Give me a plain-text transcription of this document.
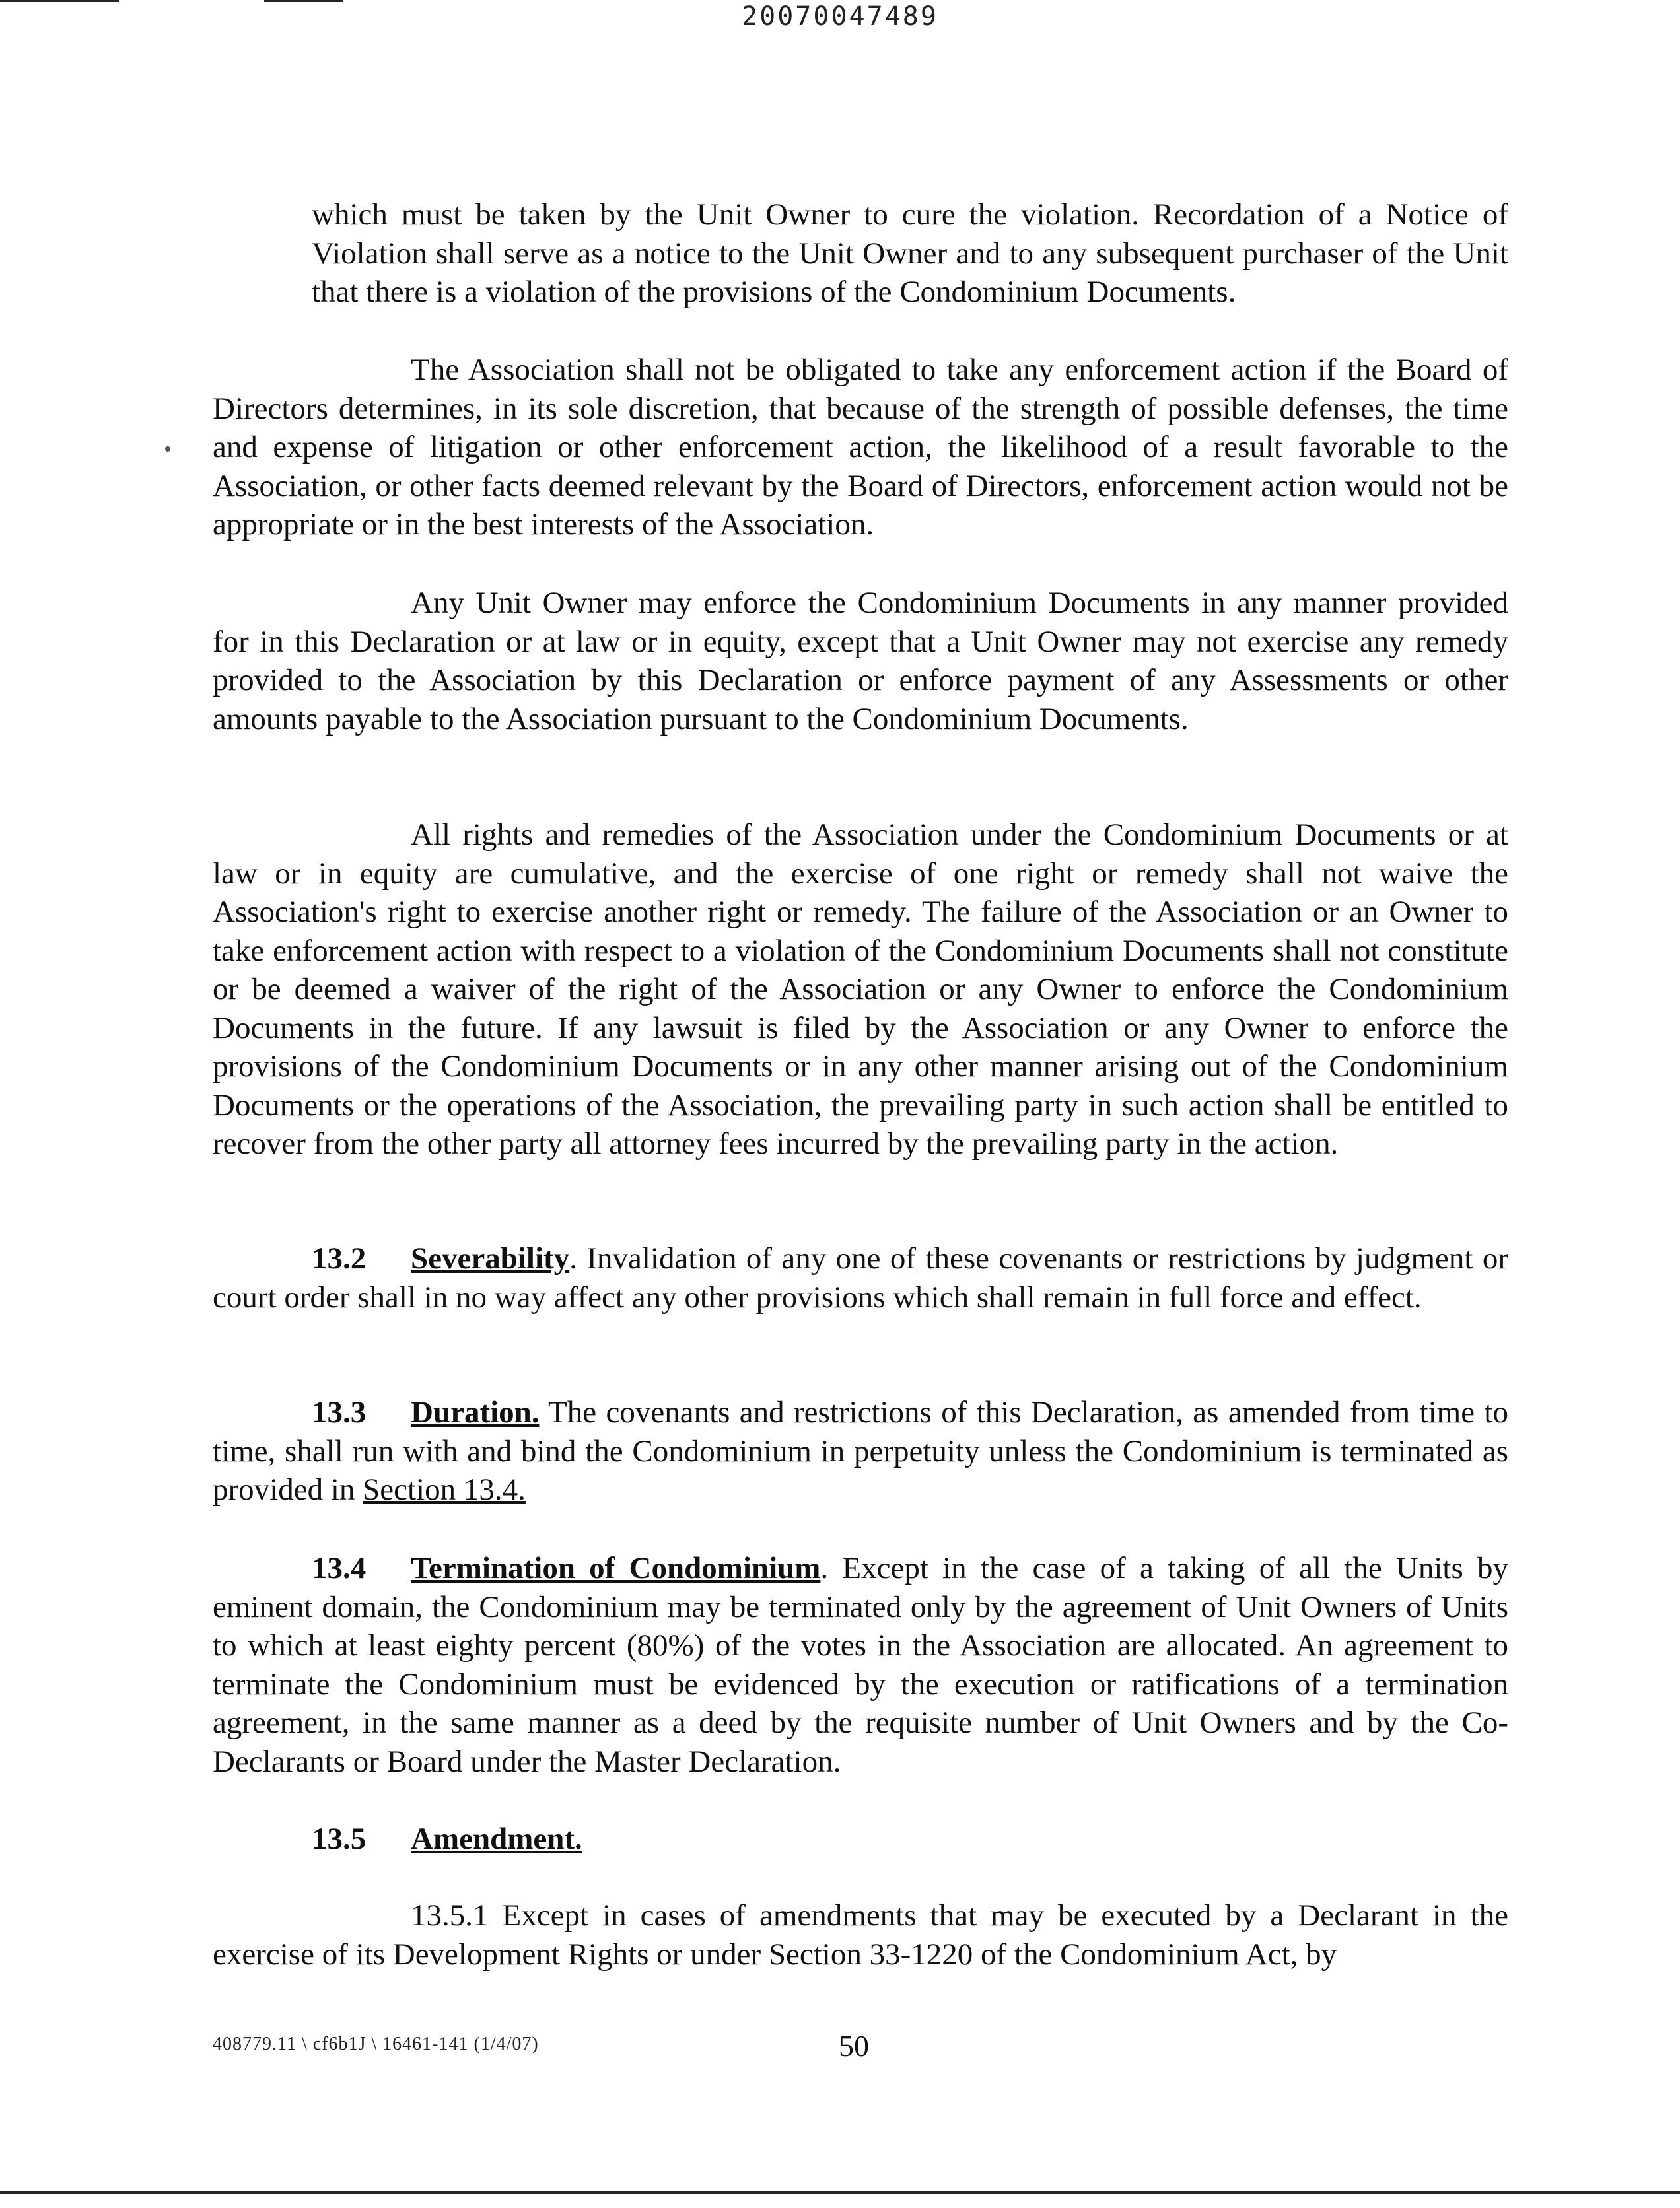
20070047489

which must be taken by the Unit Owner to cure the violation. Recordation of a Notice of Violation shall serve as a notice to the Unit Owner and to any subsequent purchaser of the Unit that there is a violation of the provisions of the Condominium Documents.

The Association shall not be obligated to take any enforcement action if the Board of Directors determines, in its sole discretion, that because of the strength of possible defenses, the time and expense of litigation or other enforcement action, the likelihood of a result favorable to the Association, or other facts deemed relevant by the Board of Directors, enforcement action would not be appropriate or in the best interests of the Association.

Any Unit Owner may enforce the Condominium Documents in any manner provided for in this Declaration or at law or in equity, except that a Unit Owner may not exercise any remedy provided to the Association by this Declaration or enforce payment of any Assessments or other amounts payable to the Association pursuant to the Condominium Documents.

All rights and remedies of the Association under the Condominium Documents or at law or in equity are cumulative, and the exercise of one right or remedy shall not waive the Association's right to exercise another right or remedy. The failure of the Association or an Owner to take enforcement action with respect to a violation of the Condominium Documents shall not constitute or be deemed a waiver of the right of the Association or any Owner to enforce the Condominium Documents in the future. If any lawsuit is filed by the Association or any Owner to enforce the provisions of the Condominium Documents or in any other manner arising out of the Condominium Documents or the operations of the Association, the prevailing party in such action shall be entitled to recover from the other party all attorney fees incurred by the prevailing party in the action.

13.2 Severability. Invalidation of any one of these covenants or restrictions by judgment or court order shall in no way affect any other provisions which shall remain in full force and effect.

13.3 Duration. The covenants and restrictions of this Declaration, as amended from time to time, shall run with and bind the Condominium in perpetuity unless the Condominium is terminated as provided in Section 13.4.

13.4 Termination of Condominium. Except in the case of a taking of all the Units by eminent domain, the Condominium may be terminated only by the agreement of Unit Owners of Units to which at least eighty percent (80%) of the votes in the Association are allocated. An agreement to terminate the Condominium must be evidenced by the execution or ratifications of a termination agreement, in the same manner as a deed by the requisite number of Unit Owners and by the Co-Declarants or Board under the Master Declaration.

13.5 Amendment.

13.5.1 Except in cases of amendments that may be executed by a Declarant in the exercise of its Development Rights or under Section 33-1220 of the Condominium Act, by

408779.11 \ cf6b1J \ 16461-141 (1/4/07)	50
